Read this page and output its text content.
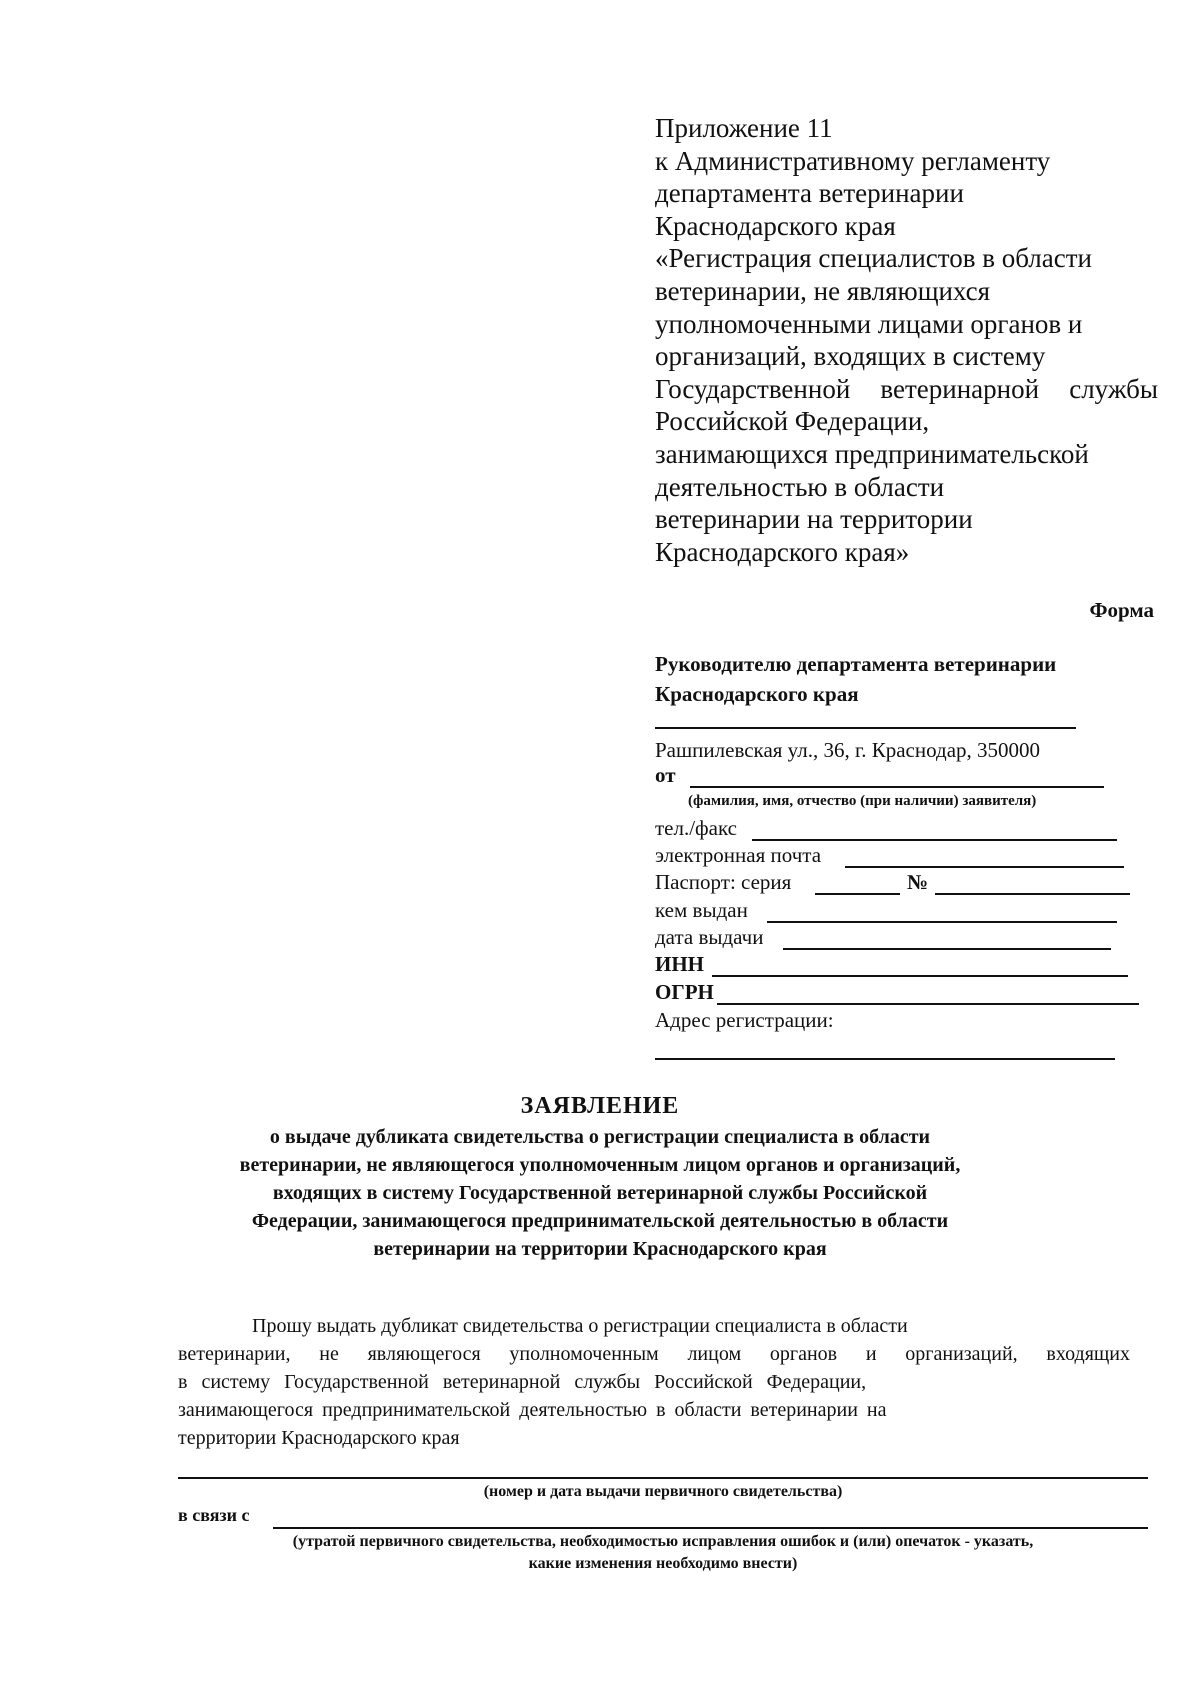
Приложение 11
к Административному регламенту
департамента ветеринарии
Краснодарского края
«Регистрация специалистов в области
ветеринарии, не являющихся
уполномоченными лицами органов и
организаций, входящих в систему
Государственной ветеринарной службы
Российской Федерации,
занимающихся предпринимательской
деятельностью в области
ветеринарии на территории
Краснодарского края»
Форма
Руководителю департамента ветеринарии
Краснодарского края
Рашпилевская ул., 36, г. Краснодар, 350000
от
(фамилия, имя, отчество (при наличии) заявителя)
тел./факс
электронная почта
Паспорт: серия	№
кем выдан
дата выдачи
ИНН
ОГРН
Адрес регистрации:
ЗАЯВЛЕНИЕ
о выдаче дубликата свидетельства о регистрации специалиста в области
ветеринарии, не являющегося уполномоченным лицом органов и организаций,
входящих в систему Государственной ветеринарной службы Российской
Федерации, занимающегося предпринимательской деятельностью в области
ветеринарии на территории Краснодарского края
Прошу выдать дубликат свидетельства о регистрации специалиста в области
ветеринарии, не являющегося уполномоченным лицом органов и организаций, входящих
в систему Государственной ветеринарной службы Российской Федерации,
занимающегося предпринимательской деятельностью в области ветеринарии на
территории Краснодарского края
(номер и дата выдачи первичного свидетельства)
в связи с
(утратой первичного свидетельства, необходимостью исправления ошибок и (или) опечаток - указать,
какие изменения необходимо внести)
